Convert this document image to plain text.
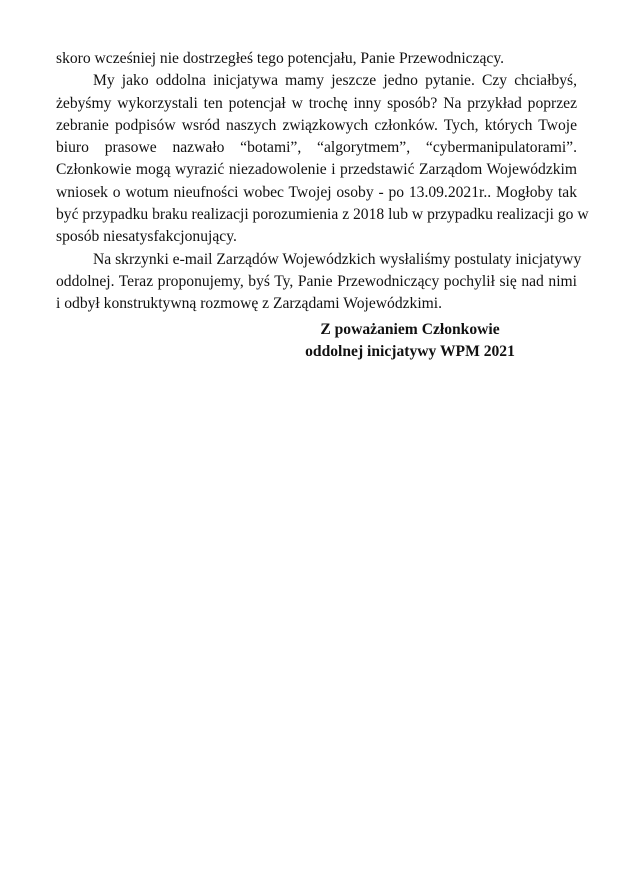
skoro wcześniej nie dostrzegłeś tego potencjału, Panie Przewodniczący.
My jako oddolna inicjatywa mamy jeszcze jedno pytanie. Czy chciałbyś,
żebyśmy wykorzystali ten potencjał w trochę inny sposób? Na przykład poprzez
zebranie podpisów wsród naszych związkowych członków. Tych, których Twoje
biuro prasowe nazwało “botami”, “algorytmem”, “cybermanipulatorami”.
Członkowie mogą wyrazić niezadowolenie i przedstawić Zarządom Wojewódzkim
wniosek o wotum nieufności wobec Twojej osoby - po 13.09.2021r.. Mogłoby tak
być przypadku braku realizacji porozumienia z 2018 lub w przypadku realizacji go w
sposób niesatysfakcjonujący.
Na skrzynki e-mail Zarządów Wojewódzkich wysłaliśmy postulaty inicjatywy
oddolnej. Teraz proponujemy, byś Ty, Panie Przewodniczący pochylił się nad nimi
i odbył konstruktywną rozmowę z Zarządami Wojewódzkimi.
Z poważaniem Członkowie
oddolnej inicjatywy WPM 2021
